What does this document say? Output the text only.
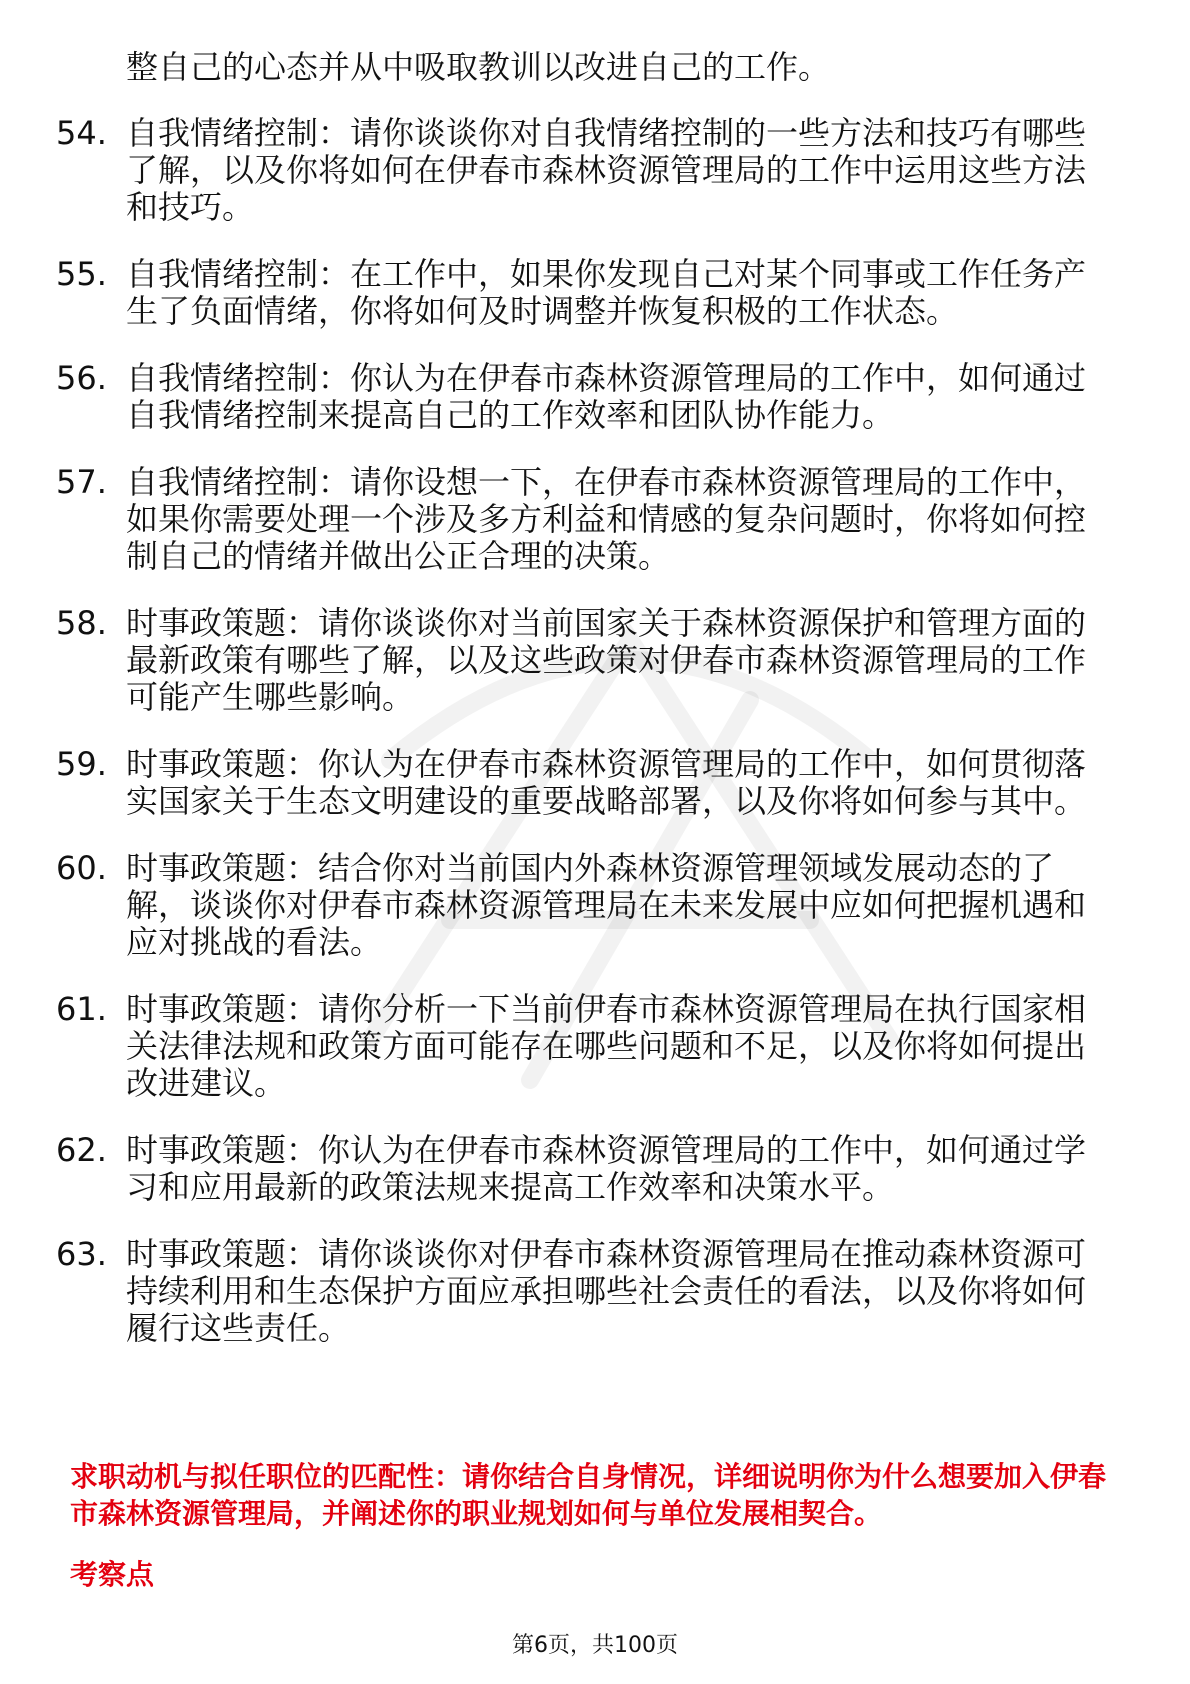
整自己的心态并从中吸取教训以改进自己的工作。
54. 自我情绪控制：请你谈谈你对自我情绪控制的一些方法和技巧有哪些了解，以及你将如何在伊春市森林资源管理局的工作中运用这些方法和技巧。
55. 自我情绪控制：在工作中，如果你发现自己对某个同事或工作任务产生了负面情绪，你将如何及时调整并恢复积极的工作状态。
56. 自我情绪控制：你认为在伊春市森林资源管理局的工作中，如何通过自我情绪控制来提高自己的工作效率和团队协作能力。
57. 自我情绪控制：请你设想一下，在伊春市森林资源管理局的工作中，如果你需要处理一个涉及多方利益和情感的复杂问题时，你将如何控制自己的情绪并做出公正合理的决策。
58. 时事政策题：请你谈谈你对当前国家关于森林资源保护和管理方面的最新政策有哪些了解，以及这些政策对伊春市森林资源管理局的工作可能产生哪些影响。
59. 时事政策题：你认为在伊春市森林资源管理局的工作中，如何贯彻落实国家关于生态文明建设的重要战略部署，以及你将如何参与其中。
60. 时事政策题：结合你对当前国内外森林资源管理领域发展动态的了解，谈谈你对伊春市森林资源管理局在未来发展中应如何把握机遇和应对挑战的看法。
61. 时事政策题：请你分析一下当前伊春市森林资源管理局在执行国家相关法律法规和政策方面可能存在哪些问题和不足，以及你将如何提出改进建议。
62. 时事政策题：你认为在伊春市森林资源管理局的工作中，如何通过学习和应用最新的政策法规来提高工作效率和决策水平。
63. 时事政策题：请你谈谈你对伊春市森林资源管理局在推动森林资源可持续利用和生态保护方面应承担哪些社会责任的看法，以及你将如何履行这些责任。
求职动机与拟任职位的匹配性：请你结合自身情况，详细说明你为什么想要加入伊春市森林资源管理局，并阐述你的职业规划如何与单位发展相契合。
考察点
第6页，共100页
